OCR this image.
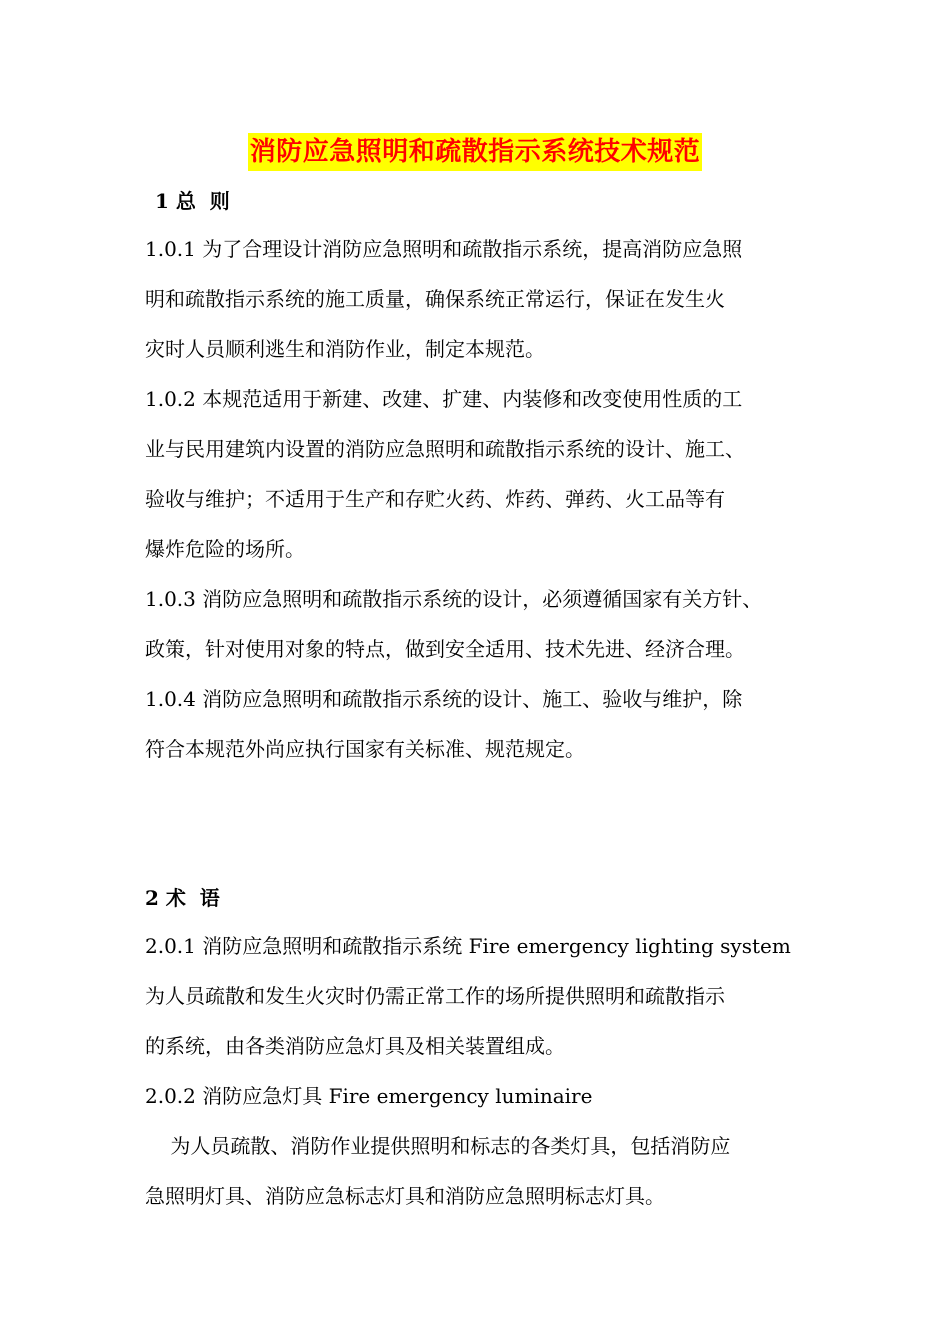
消防应急照明和疏散指示系统技术规范
1 总  则
1.0.1 为了合理设计消防应急照明和疏散指示系统，提高消防应急照
明和疏散指示系统的施工质量，确保系统正常运行，保证在发生火
灾时人员顺利逃生和消防作业，制定本规范。
1.0.2 本规范适用于新建、改建、扩建、内装修和改变使用性质的工
业与民用建筑内设置的消防应急照明和疏散指示系统的设计、施工、
验收与维护；不适用于生产和存贮火药、炸药、弹药、火工品等有
爆炸危险的场所。
1.0.3 消防应急照明和疏散指示系统的设计，必须遵循国家有关方针、
政策，针对使用对象的特点，做到安全适用、技术先进、经济合理。
1.0.4 消防应急照明和疏散指示系统的设计、施工、验收与维护，除
符合本规范外尚应执行国家有关标准、规范规定。
2 术  语
2.0.1 消防应急照明和疏散指示系统 Fire emergency lighting system
为人员疏散和发生火灾时仍需正常工作的场所提供照明和疏散指示
的系统，由各类消防应急灯具及相关装置组成。
2.0.2 消防应急灯具 Fire emergency luminaire
为人员疏散、消防作业提供照明和标志的各类灯具，包括消防应
急照明灯具、消防应急标志灯具和消防应急照明标志灯具。
